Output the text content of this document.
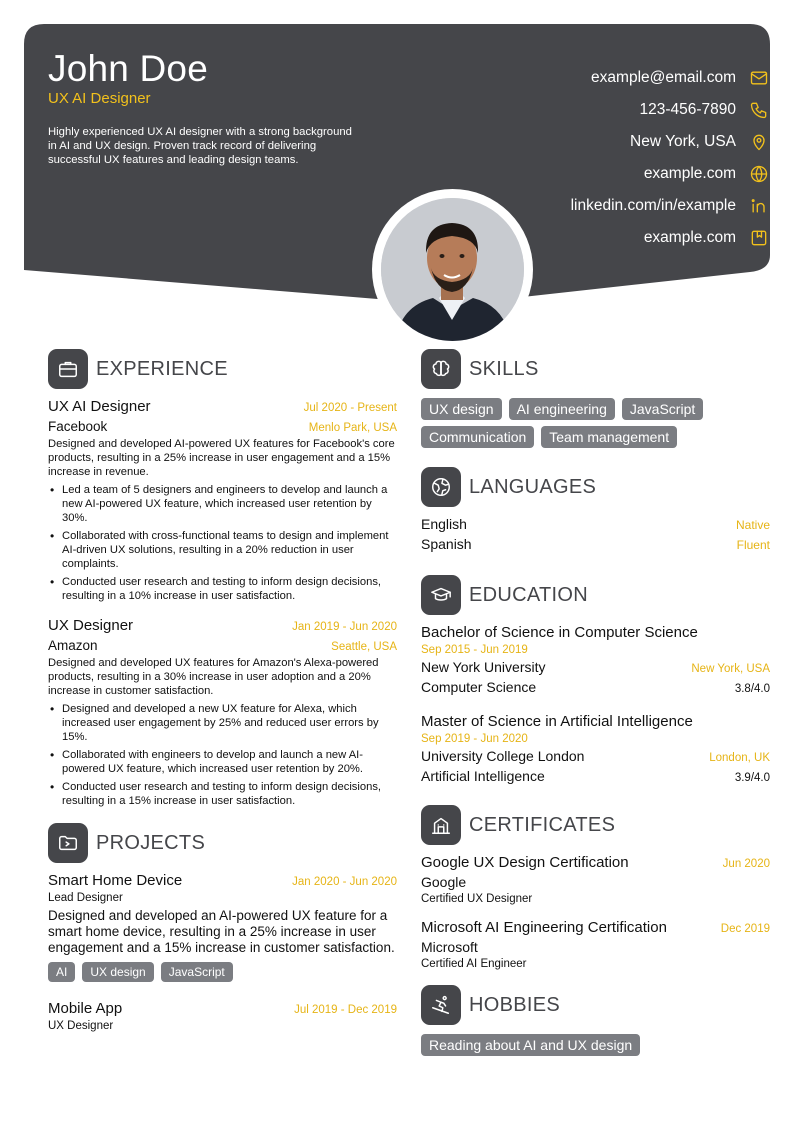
John Doe
UX AI Designer

Highly experienced UX AI designer with a strong background in AI and UX design. Proven track record of delivering successful UX features and leading design teams.

example@email.com
123-456-7890
New York, USA
example.com
linkedin.com/in/example
example.com
EXPERIENCE
UX AI Designer	Jul 2020 - Present
Facebook	Menlo Park, USA

Designed and developed AI-powered UX features for Facebook's core products, resulting in a 25% increase in user engagement and a 15% increase in revenue.

• Led a team of 5 designers and engineers to develop and launch a new AI-powered UX feature, which increased user retention by 30%.
• Collaborated with cross-functional teams to design and implement AI-driven UX solutions, resulting in a 20% reduction in user complaints.
• Conducted user research and testing to inform design decisions, resulting in a 10% increase in user satisfaction.
UX Designer	Jan 2019 - Jun 2020
Amazon	Seattle, USA

Designed and developed UX features for Amazon's Alexa-powered products, resulting in a 30% increase in user adoption and a 20% increase in customer satisfaction.

• Designed and developed a new UX feature for Alexa, which increased user engagement by 25% and reduced user errors by 15%.
• Collaborated with engineers to develop and launch a new AI-powered UX feature, which increased user retention by 20%.
• Conducted user research and testing to inform design decisions, resulting in a 15% increase in user satisfaction.
PROJECTS
Smart Home Device	Jan 2020 - Jun 2020
Lead Designer

Designed and developed an AI-powered UX feature for a smart home device, resulting in a 25% increase in user engagement and a 15% increase in customer satisfaction.

AI	UX design	JavaScript
Mobile App	Jul 2019 - Dec 2019
UX Designer
SKILLS
UX design	AI engineering	JavaScript
Communication	Team management
LANGUAGES
English	Native
Spanish	Fluent
EDUCATION
Bachelor of Science in Computer Science
Sep 2015 - Jun 2019
New York University	New York, USA
Computer Science	3.8/4.0
Master of Science in Artificial Intelligence
Sep 2019 - Jun 2020
University College London	London, UK
Artificial Intelligence	3.9/4.0
CERTIFICATES
Google UX Design Certification	Jun 2020
Google
Certified UX Designer
Microsoft AI Engineering Certification	Dec 2019
Microsoft
Certified AI Engineer
HOBBIES
Reading about AI and UX design
